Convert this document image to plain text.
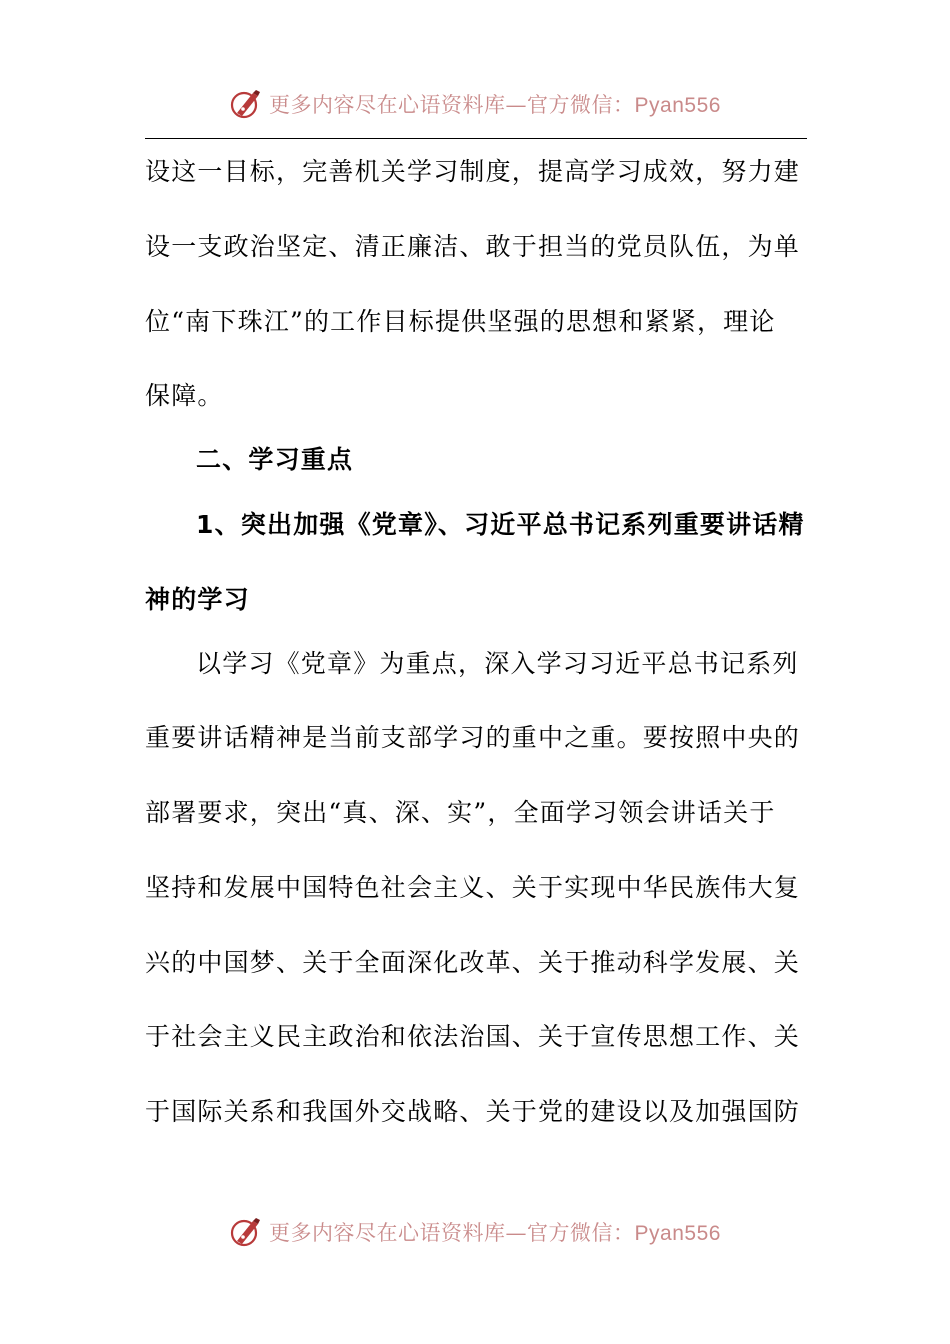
更多内容尽在心语资料库—官方微信：Pyan556
设这一目标，完善机关学习制度，提高学习成效，努力建
设一支政治坚定、清正廉洁、敢于担当的党员队伍，为单
位“南下珠江”的工作目标提供坚强的思想和紧紧，理论
保障。
二、学习重点
1、突出加强《党章》、习近平总书记系列重要讲话精
神的学习
以学习《党章》为重点，深入学习习近平总书记系列
重要讲话精神是当前支部学习的重中之重。要按照中央的
部署要求，突出“真、深、实”，全面学习领会讲话关于
坚持和发展中国特色社会主义、关于实现中华民族伟大复
兴的中国梦、关于全面深化改革、关于推动科学发展、关
于社会主义民主政治和依法治国、关于宣传思想工作、关
于国际关系和我国外交战略、关于党的建设以及加强国防
更多内容尽在心语资料库—官方微信：Pyan556
